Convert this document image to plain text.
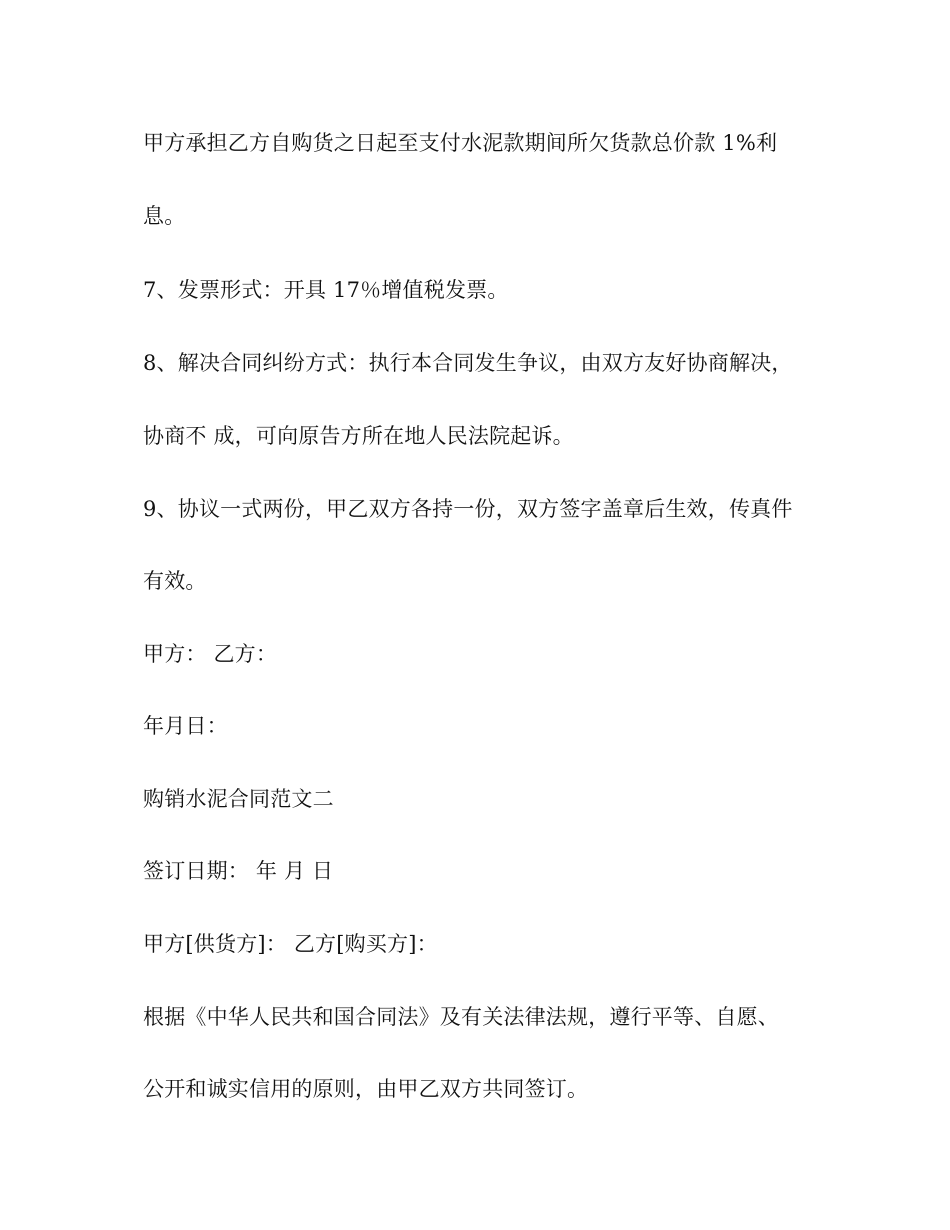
甲方承担乙方自购货之日起至支付水泥款期间所欠货款总价款 1%利

息。

7、发票形式：开具 17％增值税发票。

8、解决合同纠纷方式：执行本合同发生争议，由双方友好协商解决，

协商不 成，可向原告方所在地人民法院起诉。

9、协议一式两份，甲乙双方各持一份，双方签字盖章后生效，传真件

有效。

甲方： 乙方：

年月日：

购销水泥合同范文二

签订日期： 年 月 日

甲方[供货方]： 乙方[购买方]：

根据《中华人民共和国合同法》及有关法律法规，遵行平等、自愿、

公开和诚实信用的原则，由甲乙双方共同签订。
